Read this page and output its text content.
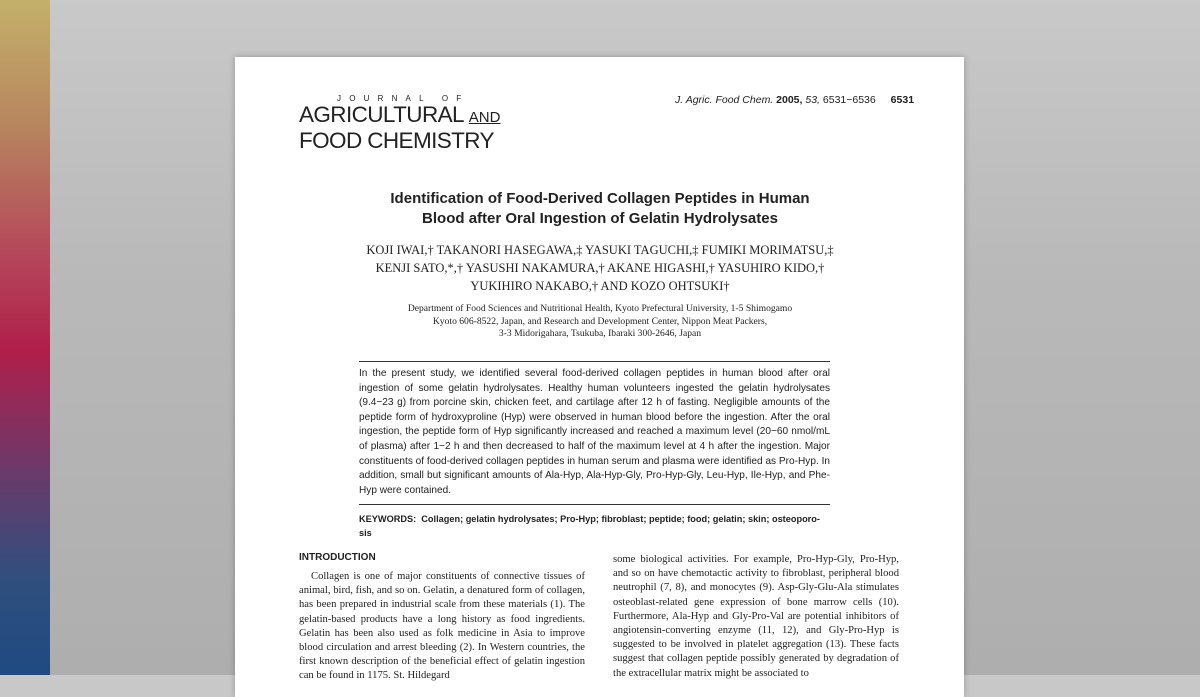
JOURNAL OF
AGRICULTURAL AND
FOOD CHEMISTRY
J. Agric. Food Chem. 2005, 53, 6531−6536 6531
Identification of Food-Derived Collagen Peptides in Human
Blood after Oral Ingestion of Gelatin Hydrolysates
KOJI IWAI,† TAKANORI HASEGAWA,‡ YASUKI TAGUCHI,‡ FUMIKI MORIMATSU,‡
KENJI SATO,*,† YASUSHI NAKAMURA,† AKANE HIGASHI,† YASUHIRO KIDO,†
YUKIHIRO NAKABO,† AND KOZO OHTSUKI†
Department of Food Sciences and Nutritional Health, Kyoto Prefectural University, 1-5 Shimogamo
Kyoto 606-8522, Japan, and Research and Development Center, Nippon Meat Packers,
3-3 Midorigahara, Tsukuba, Ibaraki 300-2646, Japan

In the present study, we identified several food-derived collagen peptides in human blood after oral ingestion of some gelatin hydrolysates. Healthy human volunteers ingested the gelatin hydrolysates (9.4−23 g) from porcine skin, chicken feet, and cartilage after 12 h of fasting. Negligible amounts of the peptide form of hydroxyproline (Hyp) were observed in human blood before the ingestion. After the oral ingestion, the peptide form of Hyp significantly increased and reached a maximum level (20−60 nmol/mL of plasma) after 1−2 h and then decreased to half of the maximum level at 4 h after the ingestion. Major constituents of food-derived collagen peptides in human serum and plasma were identified as Pro-Hyp. In addition, small but significant amounts of Ala-Hyp, Ala-Hyp-Gly, Pro-Hyp-Gly, Leu-Hyp, Ile-Hyp, and Phe-Hyp were contained.

KEYWORDS: Collagen; gelatin hydrolysates; Pro-Hyp; fibroblast; peptide; food; gelatin; skin; osteoporo-sis
INTRODUCTION

Collagen is one of major constituents of connective tissues of animal, bird, fish, and so on. Gelatin, a denatured form of collagen, has been prepared in industrial scale from these materials (1). The gelatin-based products have a long history as food ingredients. Gelatin has been also used as folk medicine in Asia to improve blood circulation and arrest bleeding (2). In Western countries, the first known description of the beneficial effect of gelatin ingestion can be found in 1175. St. Hildegard

some biological activities. For example, Pro-Hyp-Gly, Pro-Hyp, and so on have chemotactic activity to fibroblast, peripheral blood neutrophil (7, 8), and monocytes (9). Asp-Gly-Glu-Ala stimulates osteoblast-related gene expression of bone marrow cells (10). Furthermore, Ala-Hyp and Gly-Pro-Val are potential inhibitors of angiotensin-converting enzyme (11, 12), and Gly-Pro-Hyp is suggested to be involved in platelet aggregation (13). These facts suggest that collagen peptide possibly generated by degradation of the extracellular matrix might be associated to
